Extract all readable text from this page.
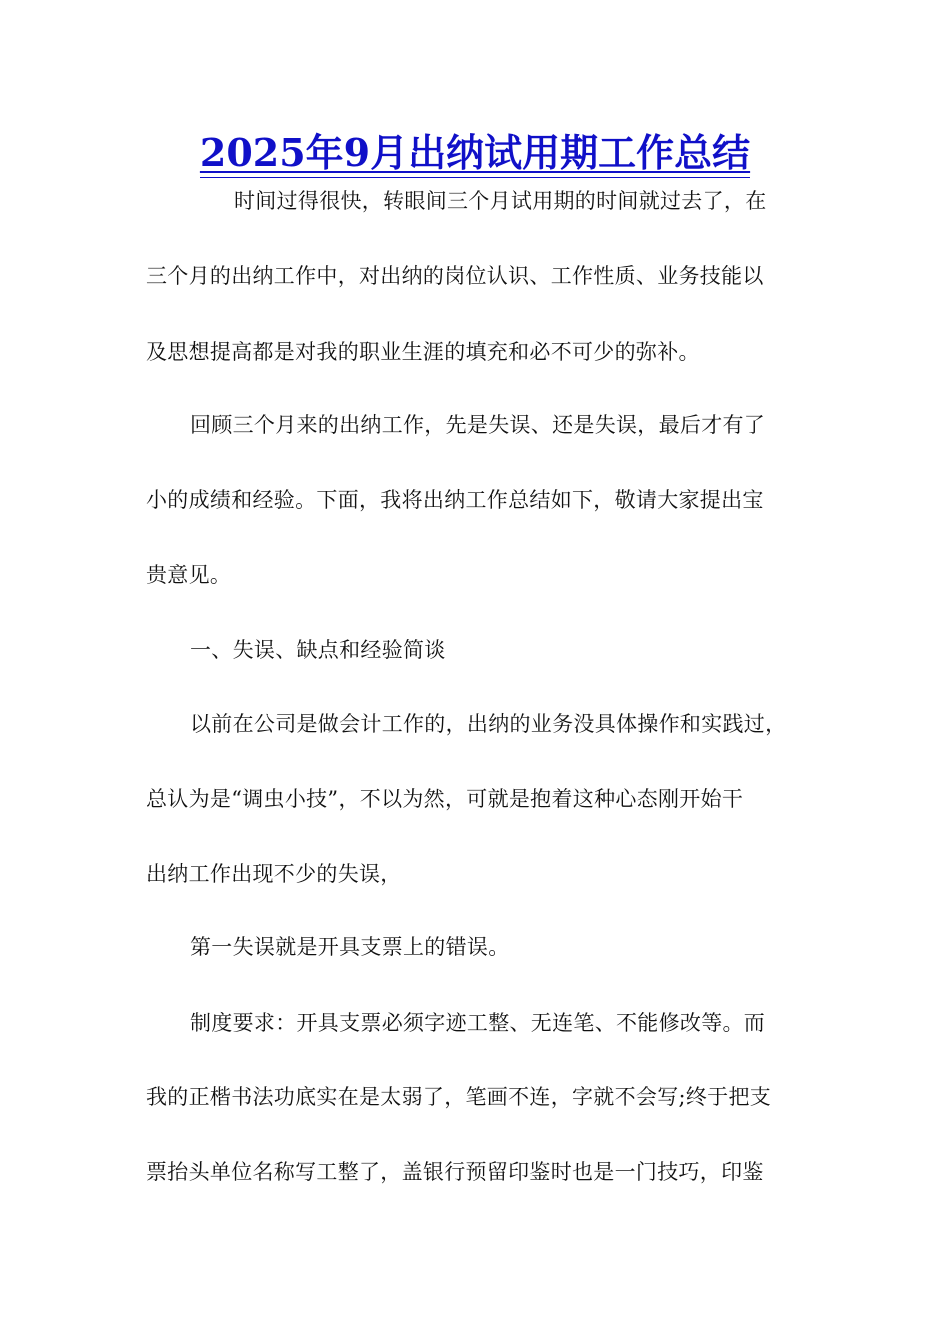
2025年9月出纳试用期工作总结
时间过得很快，转眼间三个月试用期的时间就过去了，在
三个月的出纳工作中，对出纳的岗位认识、工作性质、业务技能以
及思想提高都是对我的职业生涯的填充和必不可少的弥补。
回顾三个月来的出纳工作，先是失误、还是失误，最后才有了
小的成绩和经验。下面，我将出纳工作总结如下，敬请大家提出宝
贵意见。
一、失误、缺点和经验简谈
以前在公司是做会计工作的，出纳的业务没具体操作和实践过，
总认为是“调虫小技”，不以为然，可就是抱着这种心态刚开始干
出纳工作出现不少的失误，
第一失误就是开具支票上的错误。
制度要求：开具支票必须字迹工整、无连笔、不能修改等。而
我的正楷书法功底实在是太弱了，笔画不连，字就不会写;终于把支
票抬头单位名称写工整了，盖银行预留印鉴时也是一门技巧，印鉴
